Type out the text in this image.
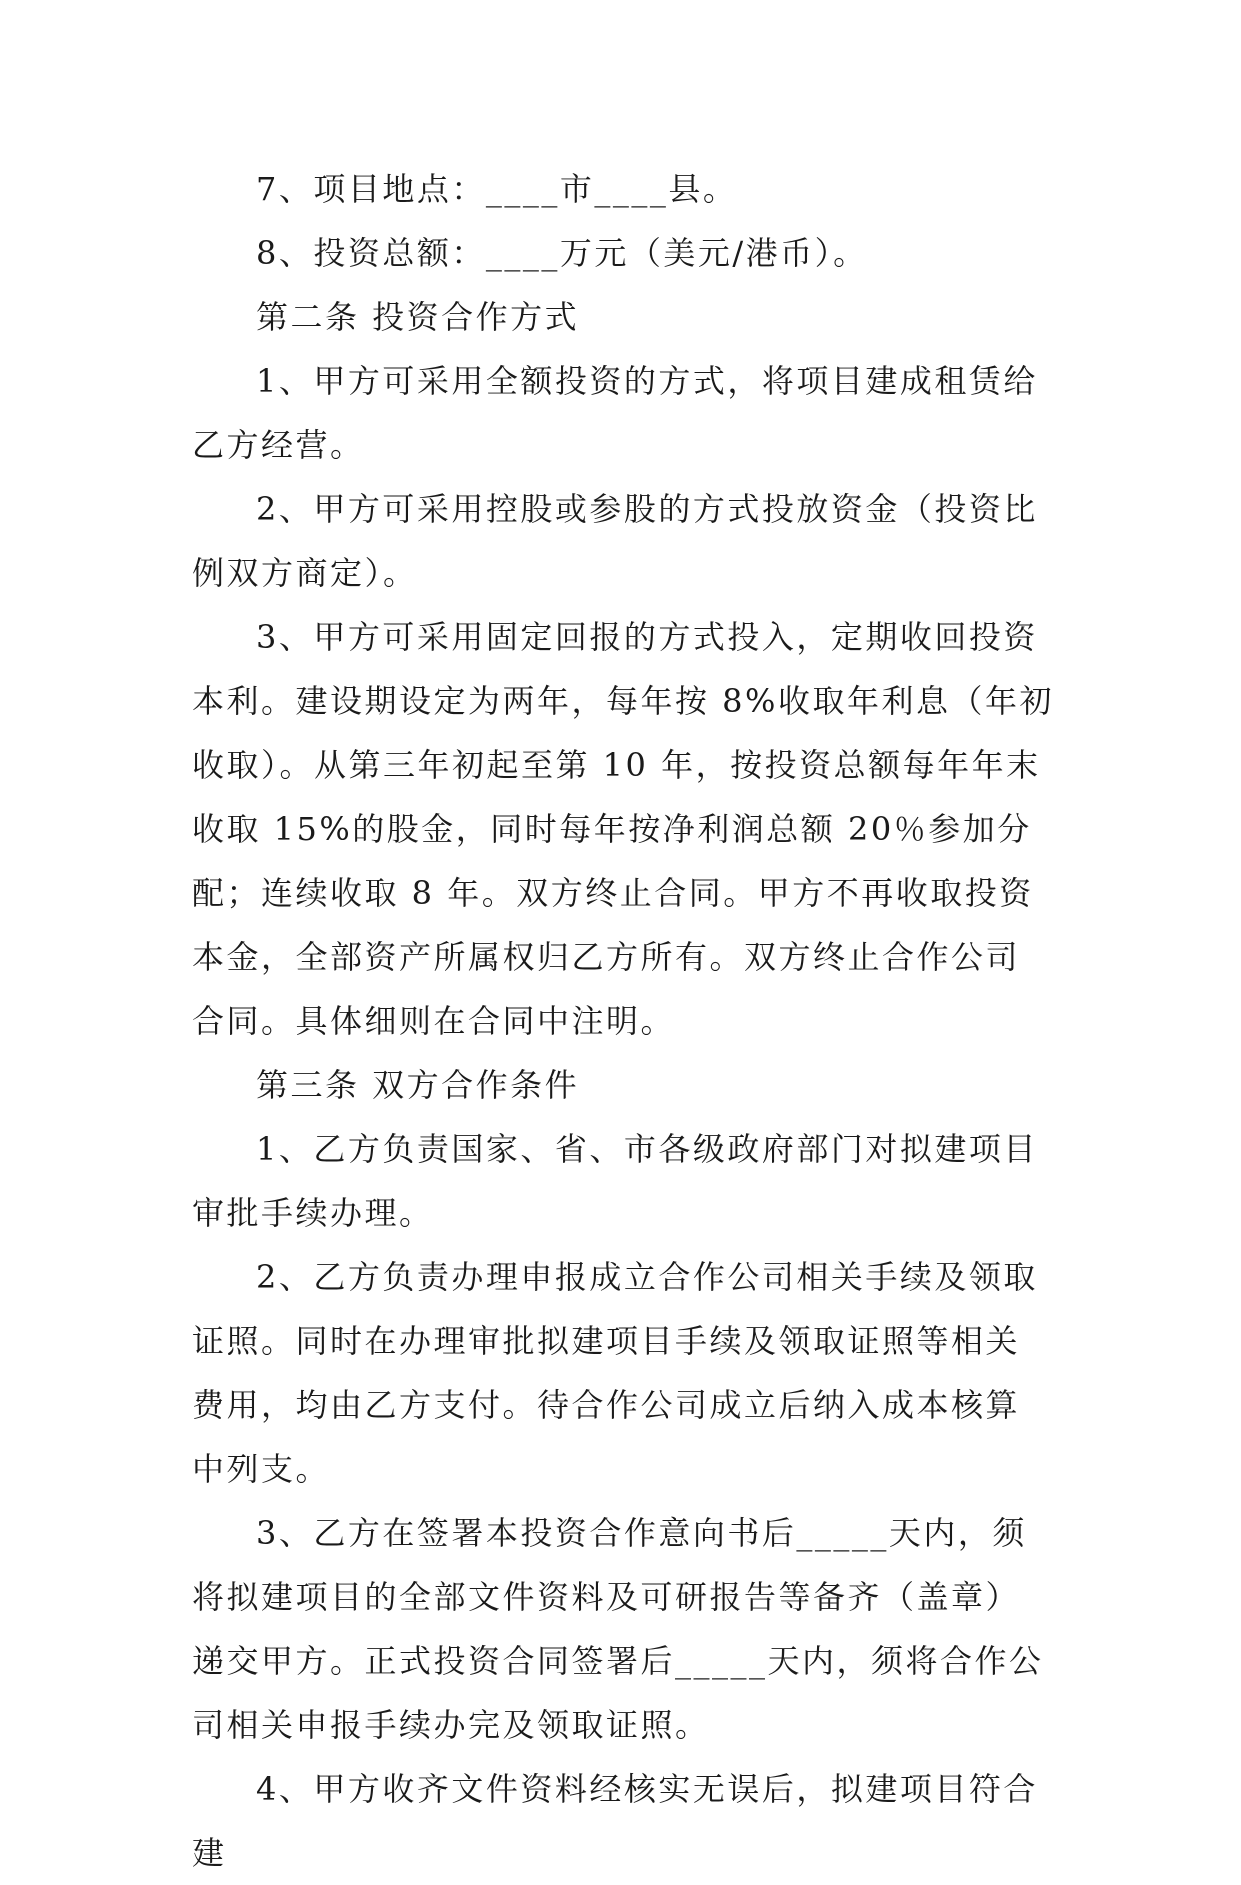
7、项目地点：____市____县。

8、投资总额：____万元（美元/港币）。

第二条 投资合作方式

1、甲方可采用全额投资的方式，将项目建成租赁给乙方经营。

2、甲方可采用控股或参股的方式投放资金（投资比例双方商定）。

3、甲方可采用固定回报的方式投入，定期收回投资本利。建设期设定为两年，每年按 8%收取年利息（年初收取）。从第三年初起至第 10 年，按投资总额每年年末收取 15%的股金，同时每年按净利润总额 20％参加分配；连续收取 8 年。双方终止合同。甲方不再收取投资本金，全部资产所属权归乙方所有。双方终止合作公司合同。具体细则在合同中注明。

第三条 双方合作条件

1、乙方负责国家、省、市各级政府部门对拟建项目审批手续办理。

2、乙方负责办理申报成立合作公司相关手续及领取证照。同时在办理审批拟建项目手续及领取证照等相关费用，均由乙方支付。待合作公司成立后纳入成本核算中列支。

3、乙方在签署本投资合作意向书后_____天内，须将拟建项目的全部文件资料及可研报告等备齐（盖章）递交甲方。正式投资合同签署后_____天内，须将合作公司相关申报手续办完及领取证照。

4、甲方收齐文件资料经核实无误后，拟建项目符合建
